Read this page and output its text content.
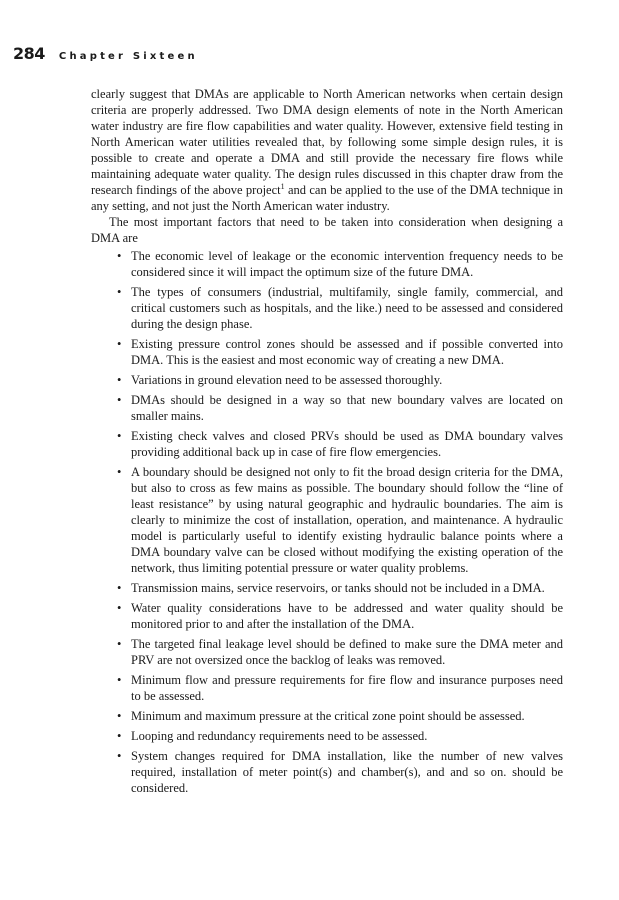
284 Chapter Sixteen

clearly suggest that DMAs are applicable to North American networks when certain design criteria are properly addressed. Two DMA design elements of note in the North American water industry are fire flow capabilities and water quality. However, extensive field testing in North American water utilities revealed that, by following some simple design rules, it is possible to create and operate a DMA and still provide the necessary fire flows while maintaining adequate water quality. The design rules discussed in this chapter draw from the research findings of the above project$^1$ and can be applied to the use of the DMA technique in any setting, and not just the North American water industry.

The most important factors that need to be taken into consideration when designing a DMA are

• The economic level of leakage or the economic intervention frequency needs to be considered since it will impact the optimum size of the future DMA.
• The types of consumers (industrial, multifamily, single family, commercial, and critical customers such as hospitals, and the like.) need to be assessed and considered during the design phase.
• Existing pressure control zones should be assessed and if possible converted into DMA. This is the easiest and most economic way of creating a new DMA.
• Variations in ground elevation need to be assessed thoroughly.
• DMAs should be designed in a way so that new boundary valves are located on smaller mains.
• Existing check valves and closed PRVs should be used as DMA boundary valves providing additional back up in case of fire flow emergencies.
• A boundary should be designed not only to fit the broad design criteria for the DMA, but also to cross as few mains as possible. The boundary should follow the “line of least resistance” by using natural geographic and hydraulic boundaries. The aim is clearly to minimize the cost of installation, operation, and maintenance. A hydraulic model is particularly useful to identify existing hydraulic balance points where a DMA boundary valve can be closed without modifying the existing operation of the network, thus limiting potential pressure or water quality problems.
• Transmission mains, service reservoirs, or tanks should not be included in a DMA.
• Water quality considerations have to be addressed and water quality should be monitored prior to and after the installation of the DMA.
• The targeted final leakage level should be defined to make sure the DMA meter and PRV are not oversized once the backlog of leaks was removed.
• Minimum flow and pressure requirements for fire flow and insurance purposes need to be assessed.
• Minimum and maximum pressure at the critical zone point should be assessed.
• Looping and redundancy requirements need to be assessed.
• System changes required for DMA installation, like the number of new valves required, installation of meter point(s) and chamber(s), and and so on. should be considered.
